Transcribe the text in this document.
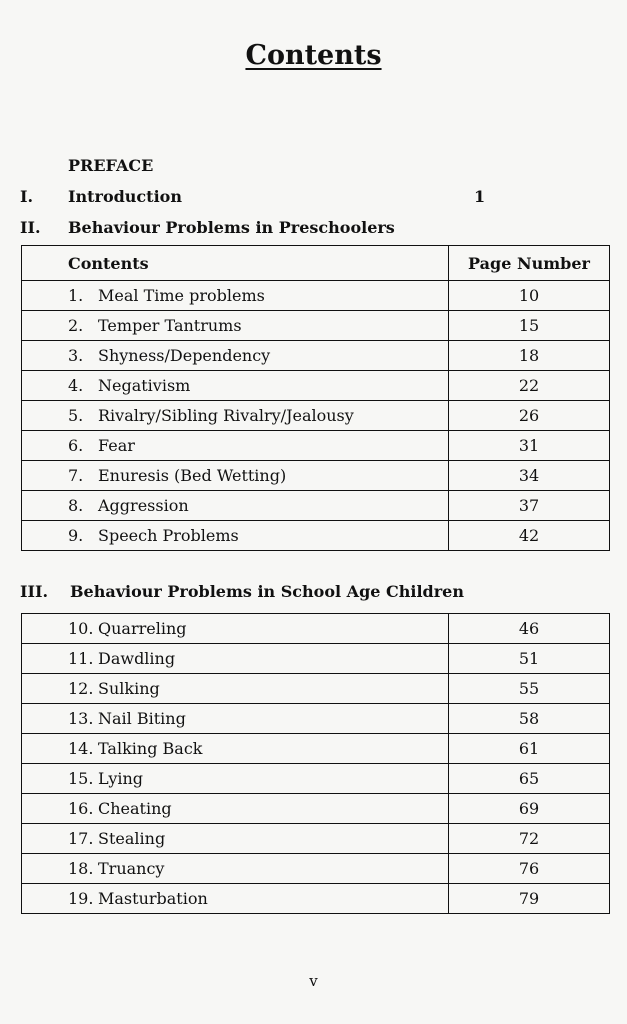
Contents
PREFACE
I. Introduction	1
II. Behaviour Problems in Preschoolers
Contents	Page Number
1. Meal Time problems	10
2. Temper Tantrums	15
3. Shyness/Dependency	18
4. Negativism	22
5. Rivalry/Sibling Rivalry/Jealousy	26
6. Fear	31
7. Enuresis (Bed Wetting)	34
8. Aggression	37
9. Speech Problems	42
III. Behaviour Problems in School Age Children
10. Quarreling	46
11. Dawdling	51
12. Sulking	55
13. Nail Biting	58
14. Talking Back	61
15. Lying	65
16. Cheating	69
17. Stealing	72
18. Truancy	76
19. Masturbation	79
v
